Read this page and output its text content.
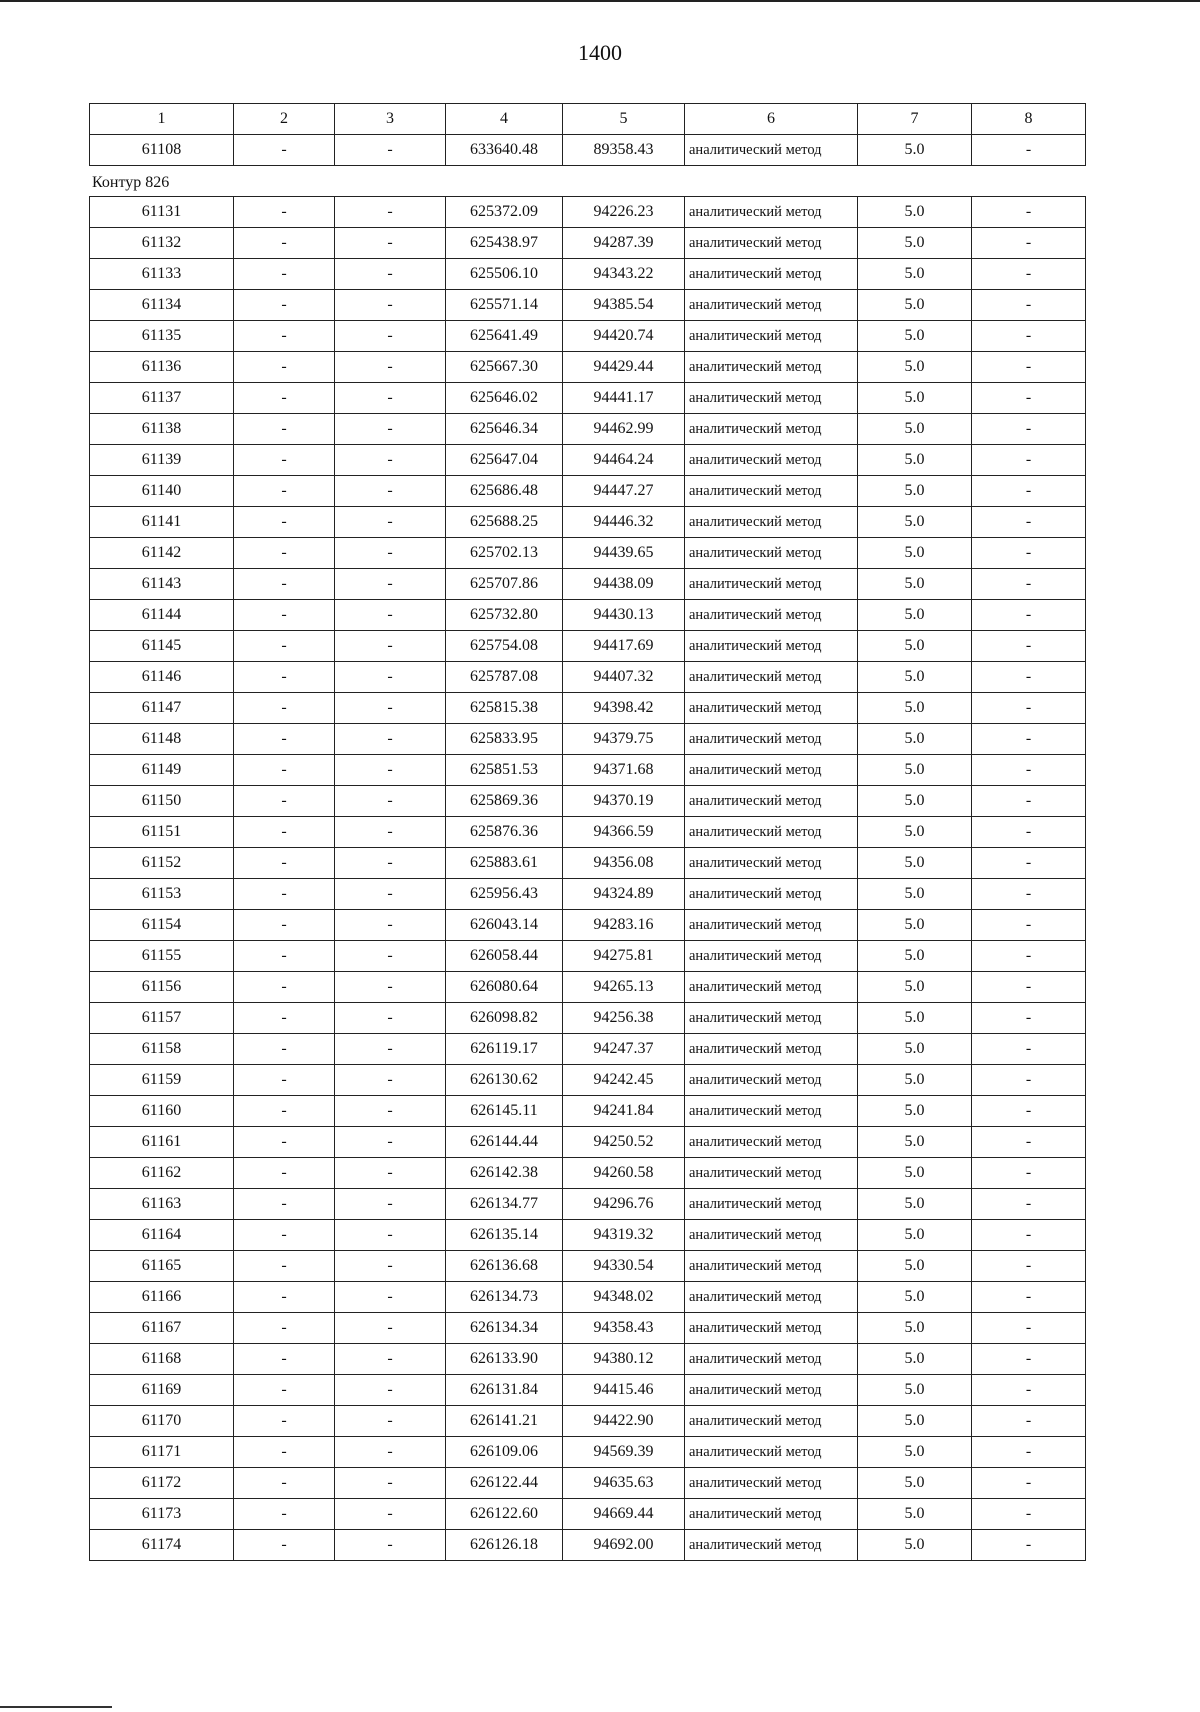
1400
1	2	3	4	5	6	7	8
61108	-	-	633640.48	89358.43	аналитический метод	5.0	-
Контур 826
61131	-	-	625372.09	94226.23	аналитический метод	5.0	-
61132	-	-	625438.97	94287.39	аналитический метод	5.0	-
61133	-	-	625506.10	94343.22	аналитический метод	5.0	-
61134	-	-	625571.14	94385.54	аналитический метод	5.0	-
61135	-	-	625641.49	94420.74	аналитический метод	5.0	-
61136	-	-	625667.30	94429.44	аналитический метод	5.0	-
61137	-	-	625646.02	94441.17	аналитический метод	5.0	-
61138	-	-	625646.34	94462.99	аналитический метод	5.0	-
61139	-	-	625647.04	94464.24	аналитический метод	5.0	-
61140	-	-	625686.48	94447.27	аналитический метод	5.0	-
61141	-	-	625688.25	94446.32	аналитический метод	5.0	-
61142	-	-	625702.13	94439.65	аналитический метод	5.0	-
61143	-	-	625707.86	94438.09	аналитический метод	5.0	-
61144	-	-	625732.80	94430.13	аналитический метод	5.0	-
61145	-	-	625754.08	94417.69	аналитический метод	5.0	-
61146	-	-	625787.08	94407.32	аналитический метод	5.0	-
61147	-	-	625815.38	94398.42	аналитический метод	5.0	-
61148	-	-	625833.95	94379.75	аналитический метод	5.0	-
61149	-	-	625851.53	94371.68	аналитический метод	5.0	-
61150	-	-	625869.36	94370.19	аналитический метод	5.0	-
61151	-	-	625876.36	94366.59	аналитический метод	5.0	-
61152	-	-	625883.61	94356.08	аналитический метод	5.0	-
61153	-	-	625956.43	94324.89	аналитический метод	5.0	-
61154	-	-	626043.14	94283.16	аналитический метод	5.0	-
61155	-	-	626058.44	94275.81	аналитический метод	5.0	-
61156	-	-	626080.64	94265.13	аналитический метод	5.0	-
61157	-	-	626098.82	94256.38	аналитический метод	5.0	-
61158	-	-	626119.17	94247.37	аналитический метод	5.0	-
61159	-	-	626130.62	94242.45	аналитический метод	5.0	-
61160	-	-	626145.11	94241.84	аналитический метод	5.0	-
61161	-	-	626144.44	94250.52	аналитический метод	5.0	-
61162	-	-	626142.38	94260.58	аналитический метод	5.0	-
61163	-	-	626134.77	94296.76	аналитический метод	5.0	-
61164	-	-	626135.14	94319.32	аналитический метод	5.0	-
61165	-	-	626136.68	94330.54	аналитический метод	5.0	-
61166	-	-	626134.73	94348.02	аналитический метод	5.0	-
61167	-	-	626134.34	94358.43	аналитический метод	5.0	-
61168	-	-	626133.90	94380.12	аналитический метод	5.0	-
61169	-	-	626131.84	94415.46	аналитический метод	5.0	-
61170	-	-	626141.21	94422.90	аналитический метод	5.0	-
61171	-	-	626109.06	94569.39	аналитический метод	5.0	-
61172	-	-	626122.44	94635.63	аналитический метод	5.0	-
61173	-	-	626122.60	94669.44	аналитический метод	5.0	-
61174	-	-	626126.18	94692.00	аналитический метод	5.0	-
